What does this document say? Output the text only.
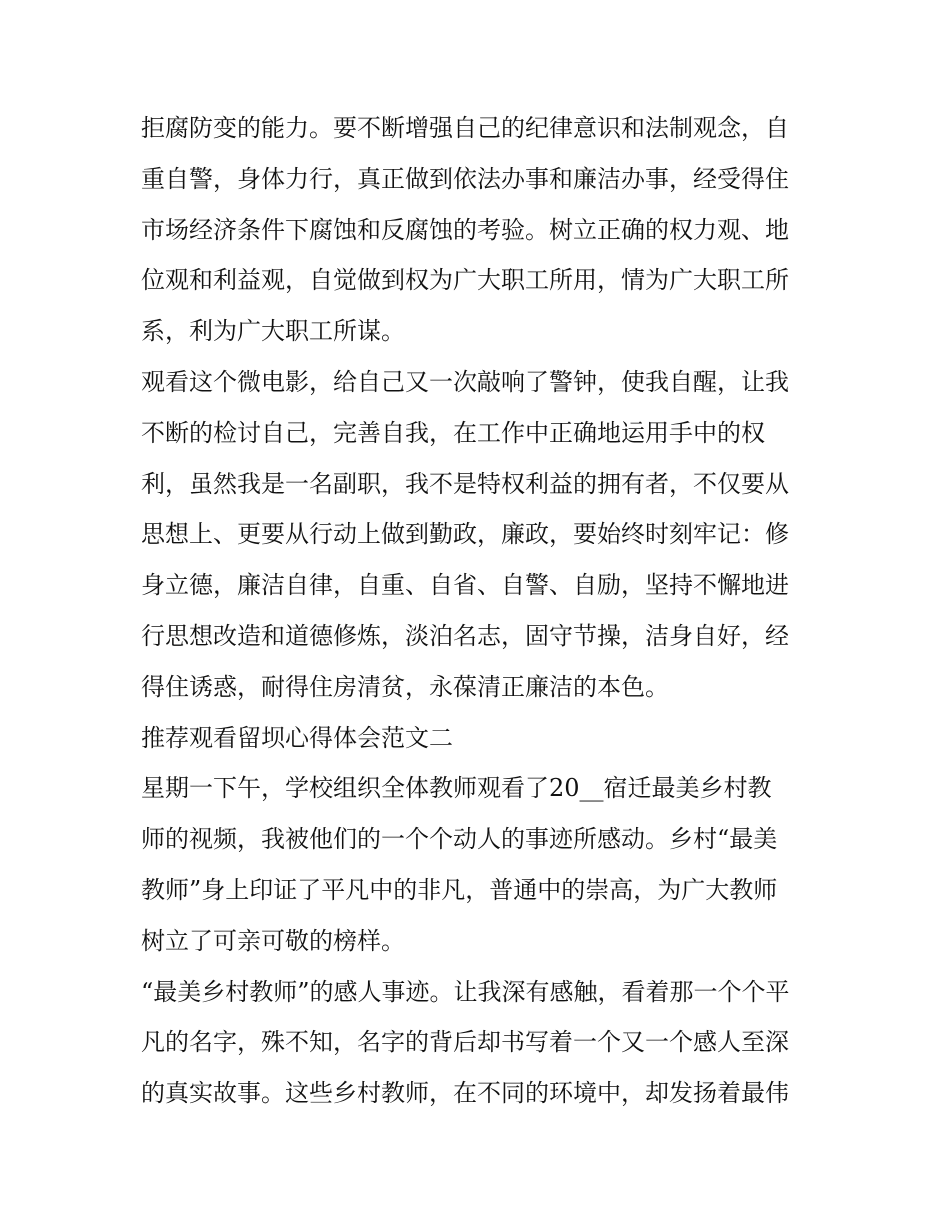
拒腐防变的能力。要不断增强自己的纪律意识和法制观念，自
重自警，身体力行，真正做到依法办事和廉洁办事，经受得住
市场经济条件下腐蚀和反腐蚀的考验。树立正确的权力观、地
位观和利益观，自觉做到权为广大职工所用，情为广大职工所
系，利为广大职工所谋。
观看这个微电影，给自己又一次敲响了警钟，使我自醒，让我
不断的检讨自己，完善自我，在工作中正确地运用手中的权
利，虽然我是一名副职，我不是特权利益的拥有者，不仅要从
思想上、更要从行动上做到勤政，廉政，要始终时刻牢记：修
身立德，廉洁自律，自重、自省、自警、自励，坚持不懈地进
行思想改造和道德修炼，淡泊名志，固守节操，洁身自好，经
得住诱惑，耐得住房清贫，永葆清正廉洁的本色。
推荐观看留坝心得体会范文二
星期一下午，学校组织全体教师观看了20__宿迁最美乡村教
师的视频，我被他们的一个个动人的事迹所感动。乡村“最美
教师”身上印证了平凡中的非凡，普通中的崇高，为广大教师
树立了可亲可敬的榜样。
“最美乡村教师”的感人事迹。让我深有感触，看着那一个个平
凡的名字，殊不知，名字的背后却书写着一个又一个感人至深
的真实故事。这些乡村教师，在不同的环境中，却发扬着最伟
